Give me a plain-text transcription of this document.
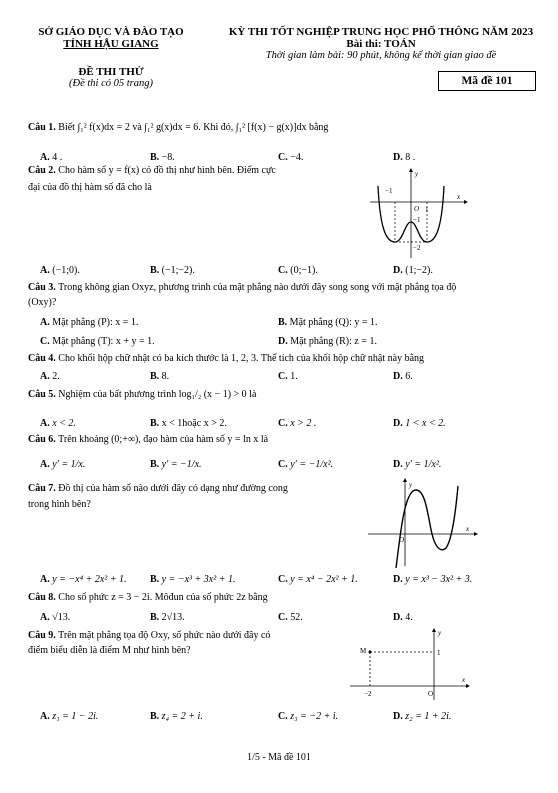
SỞ GIÁO DỤC VÀ ĐÀO TẠO
TỈNH HẬU GIANG
KỲ THI TỐT NGHIỆP TRUNG HỌC PHỔ THÔNG NĂM 2023
Bài thi: TOÁN
Thời gian làm bài: 90 phút, không kể thời gian giao đề
ĐỀ THI THỬ
(Đề thi có 05 trang)	Mã đề 101
Câu 1. Biết ∫₁² f(x)dx = 2 và ∫₁² g(x)dx = 6. Khi đó, ∫₁² [f(x) − g(x)]dx bằng
A. 4 .	B. −8.	C. −4.	D. 8 .
Câu 2. Cho hàm số y = f(x) có đồ thị như hình bên. Điểm cực
đại của đồ thị hàm số đã cho là	−1
y
O 1
x
−1
−2
A. (−1;0).	B. (−1;−2).	C. (0;−1).	D. (1;−2).
Câu 3. Trong không gian Oxyz, phương trình của mặt phẳng nào dưới đây song song với mặt phẳng tọa độ
(Oxy)?
A. Mặt phẳng (P): x = 1.	B. Mặt phẳng (Q): y = 1.
C. Mặt phẳng (T): x + y = 1.	D. Mặt phẳng (R): z = 1.
Câu 4. Cho khối hộp chữ nhật có ba kích thước là 1, 2, 3. Thể tích của khối hộp chữ nhật này bằng
A. 2.	B. 8.	C. 1.	D. 6.
Câu 5. Nghiệm của bất phương trình log₁/₂ (x − 1) > 0 là
A. x < 2.	B. x < 1hoặc x > 2.	C. x > 2 .	D. 1 < x < 2.
Câu 6. Trên khoảng (0;+∞), đạo hàm của hàm số y = ln x là
A. y′ = 1/x.	B. y′ = −1/x.	C. y′ = −1/x².	D. y′ = 1/x².
Câu 7. Đồ thị của hàm số nào dưới đây có dạng như đường cong
trong hình bên?
y
O
x
A. y = −x⁴ + 2x² + 1. B. y = −x³ + 3x² + 1.	C. y = x⁴ − 2x² + 1.	D. y = x³ − 3x² + 3.
Câu 8. Cho số phức z = 3 − 2i. Môđun của số phức 2z bằng
A. √13.	B. 2√13.	C. 52.	D. 4.
Câu 9. Trên mặt phẳng tọa độ Oxy, số phức nào dưới đây có
điểm biểu diễn là điểm M như hình bên?
y
M	1
−2	O
x
A. z₁ = 1 − 2i.	B. z₄ = 2 + i.	C. z₃ = −2 + i.	D. z₂ = 1 + 2i.
1/5 - Mã đề 101
